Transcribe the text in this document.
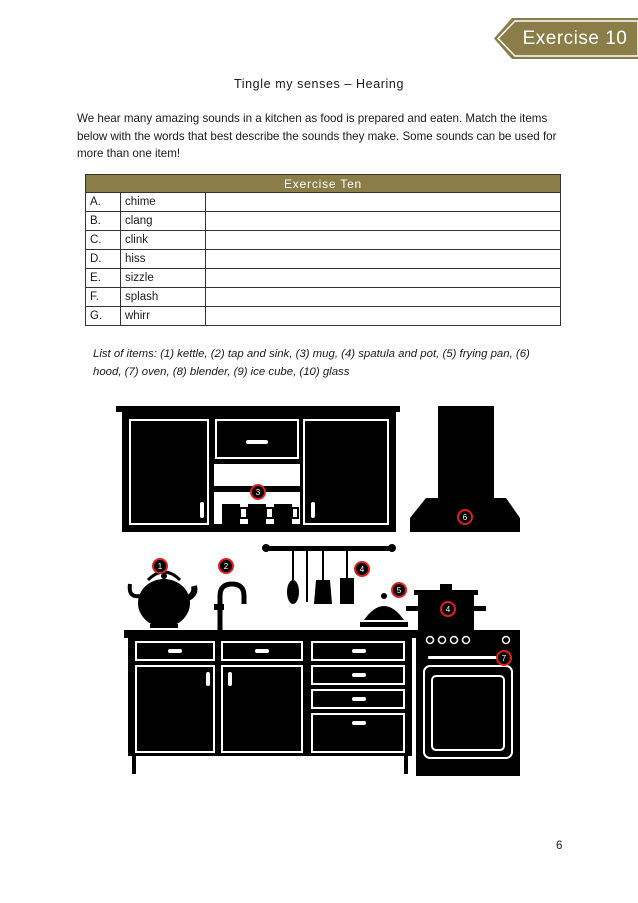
Exercise 10
Tingle my senses – Hearing
We hear many amazing sounds in a kitchen as food is prepared and eaten. Match the items below with the words that best describe the sounds they make. Some sounds can be used for more than one item!
Exercise Ten		
A.	chime	
B.	clang	
C.	clink	
D.	hiss	
E.	sizzle	
F.	splash	
G.	whirr	
List of items: (1) kettle, (2) tap and sink, (3) mug, (4) spatula and pot, (5) frying pan, (6) hood, (7) oven, (8) blender, (9) ice cube, (10) glass
1	2
3
4
4
5
6
7
6
